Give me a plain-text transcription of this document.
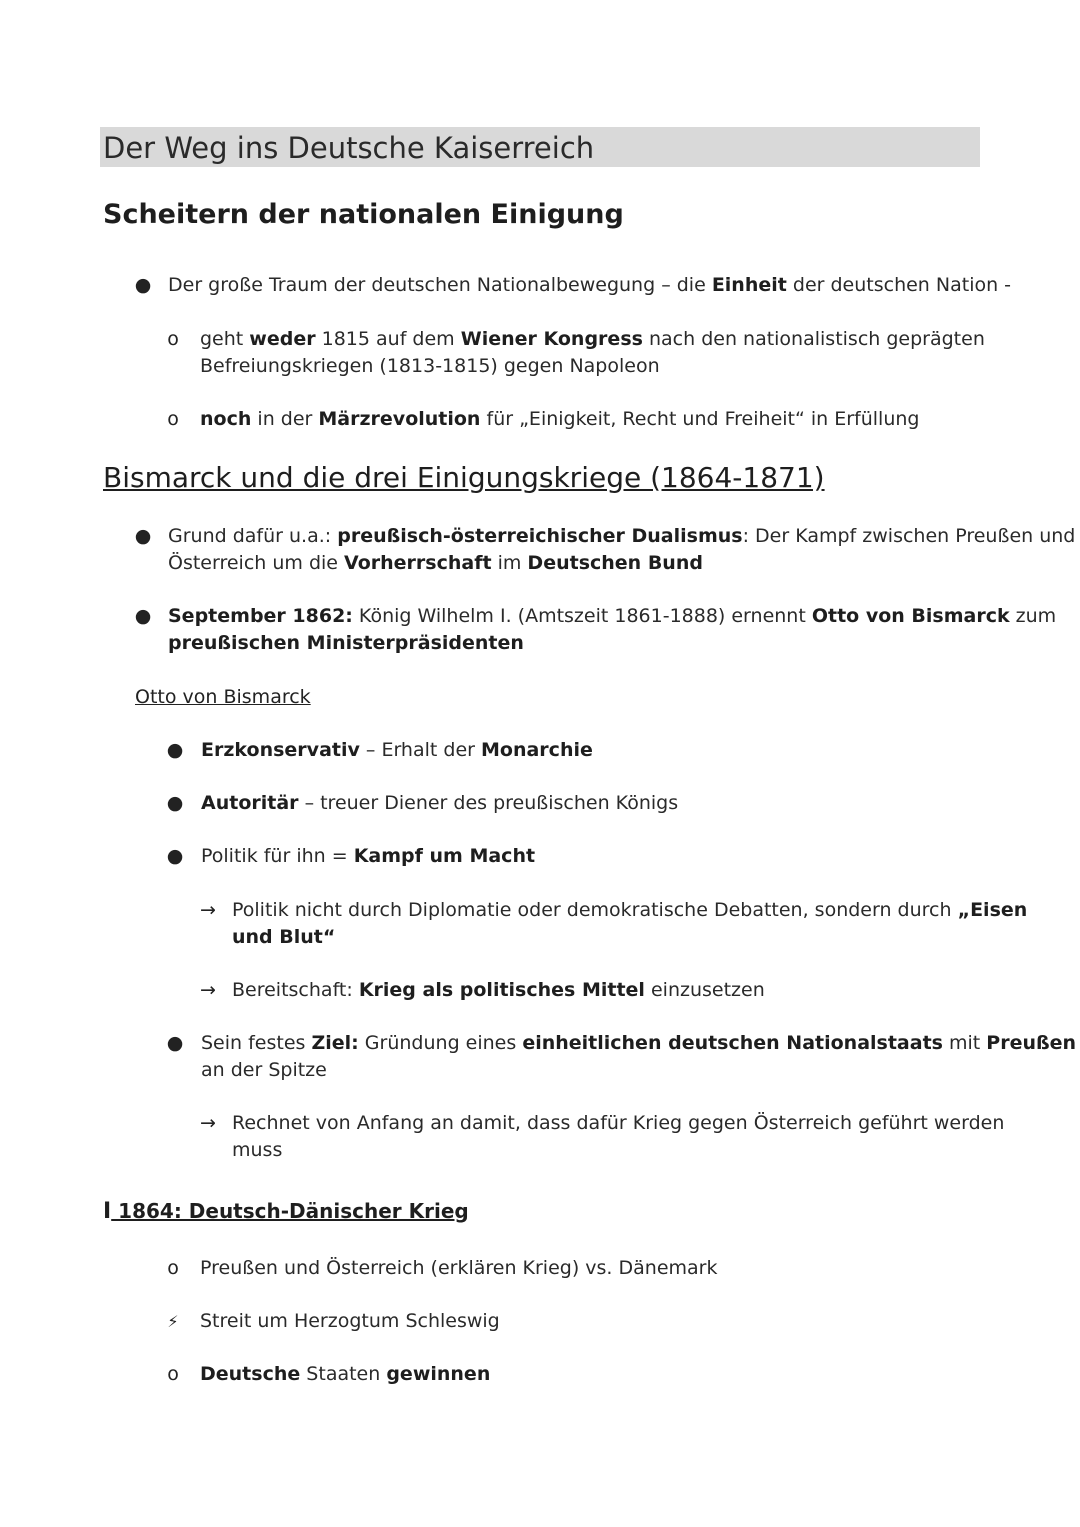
Der Weg ins Deutsche Kaiserreich
Scheitern der nationalen Einigung
● Der große Traum der deutschen Nationalbewegung – die Einheit der deutschen Nation -
o geht weder 1815 auf dem Wiener Kongress nach den nationalistisch geprägten
Befreiungskriegen (1813-1815) gegen Napoleon
o noch in der Märzrevolution für „Einigkeit, Recht und Freiheit“ in Erfüllung
Bismarck und die drei Einigungskriege (1864-1871)
● Grund dafür u.a.: preußisch-österreichischer Dualismus: Der Kampf zwischen Preußen und
Österreich um die Vorherrschaft im Deutschen Bund
● September 1862: König Wilhelm I. (Amtszeit 1861-1888) ernennt Otto von Bismarck zum
preußischen Ministerpräsidenten
Otto von Bismarck
● Erzkonservativ – Erhalt der Monarchie
● Autoritär – treuer Diener des preußischen Königs
● Politik für ihn = Kampf um Macht
→ Politik nicht durch Diplomatie oder demokratische Debatten, sondern durch „Eisen
und Blut“
→ Bereitschaft: Krieg als politisches Mittel einzusetzen
● Sein festes Ziel: Gründung eines einheitlichen deutschen Nationalstaats mit Preußen
an der Spitze
→ Rechnet von Anfang an damit, dass dafür Krieg gegen Österreich geführt werden
muss
I 1864: Deutsch-Dänischer Krieg
o Preußen und Österreich (erklären Krieg) vs. Dänemark
⚡ Streit um Herzogtum Schleswig
o Deutsche Staaten gewinnen
